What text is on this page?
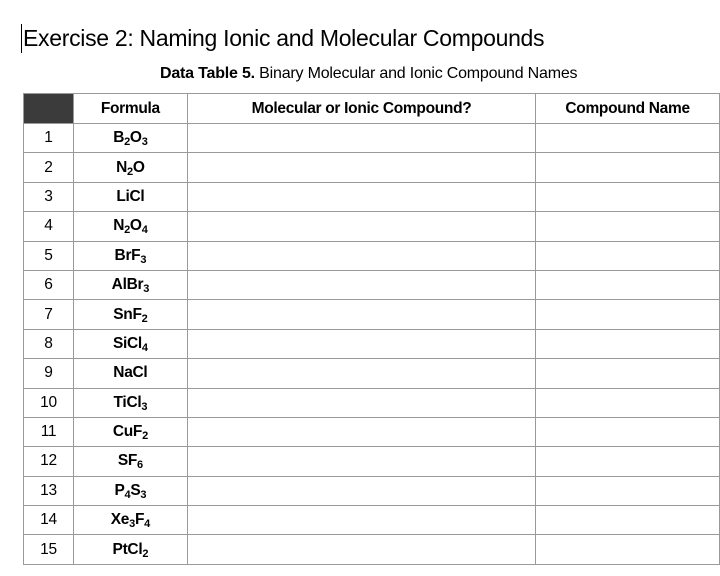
Exercise 2: Naming Ionic and Molecular Compounds
Data Table 5. Binary Molecular and Ionic Compound Names
	Formula	Molecular or Ionic Compound?	Compound Name
1	$B_2O_3$		
2	$N_2O$		
3	LiCl		
4	$N_2O_4$		
5	BrF$_3$		
6	AlBr$_3$		
7	SnF$_2$		
8	SiCl$_4$		
9	NaCl		
10	TiCl$_3$		
11	CuF$_2$		
12	$SF_6$		
13	$P_4S_3$		
14	$Xe_3F_4$		
15	PtCl$_2$		
